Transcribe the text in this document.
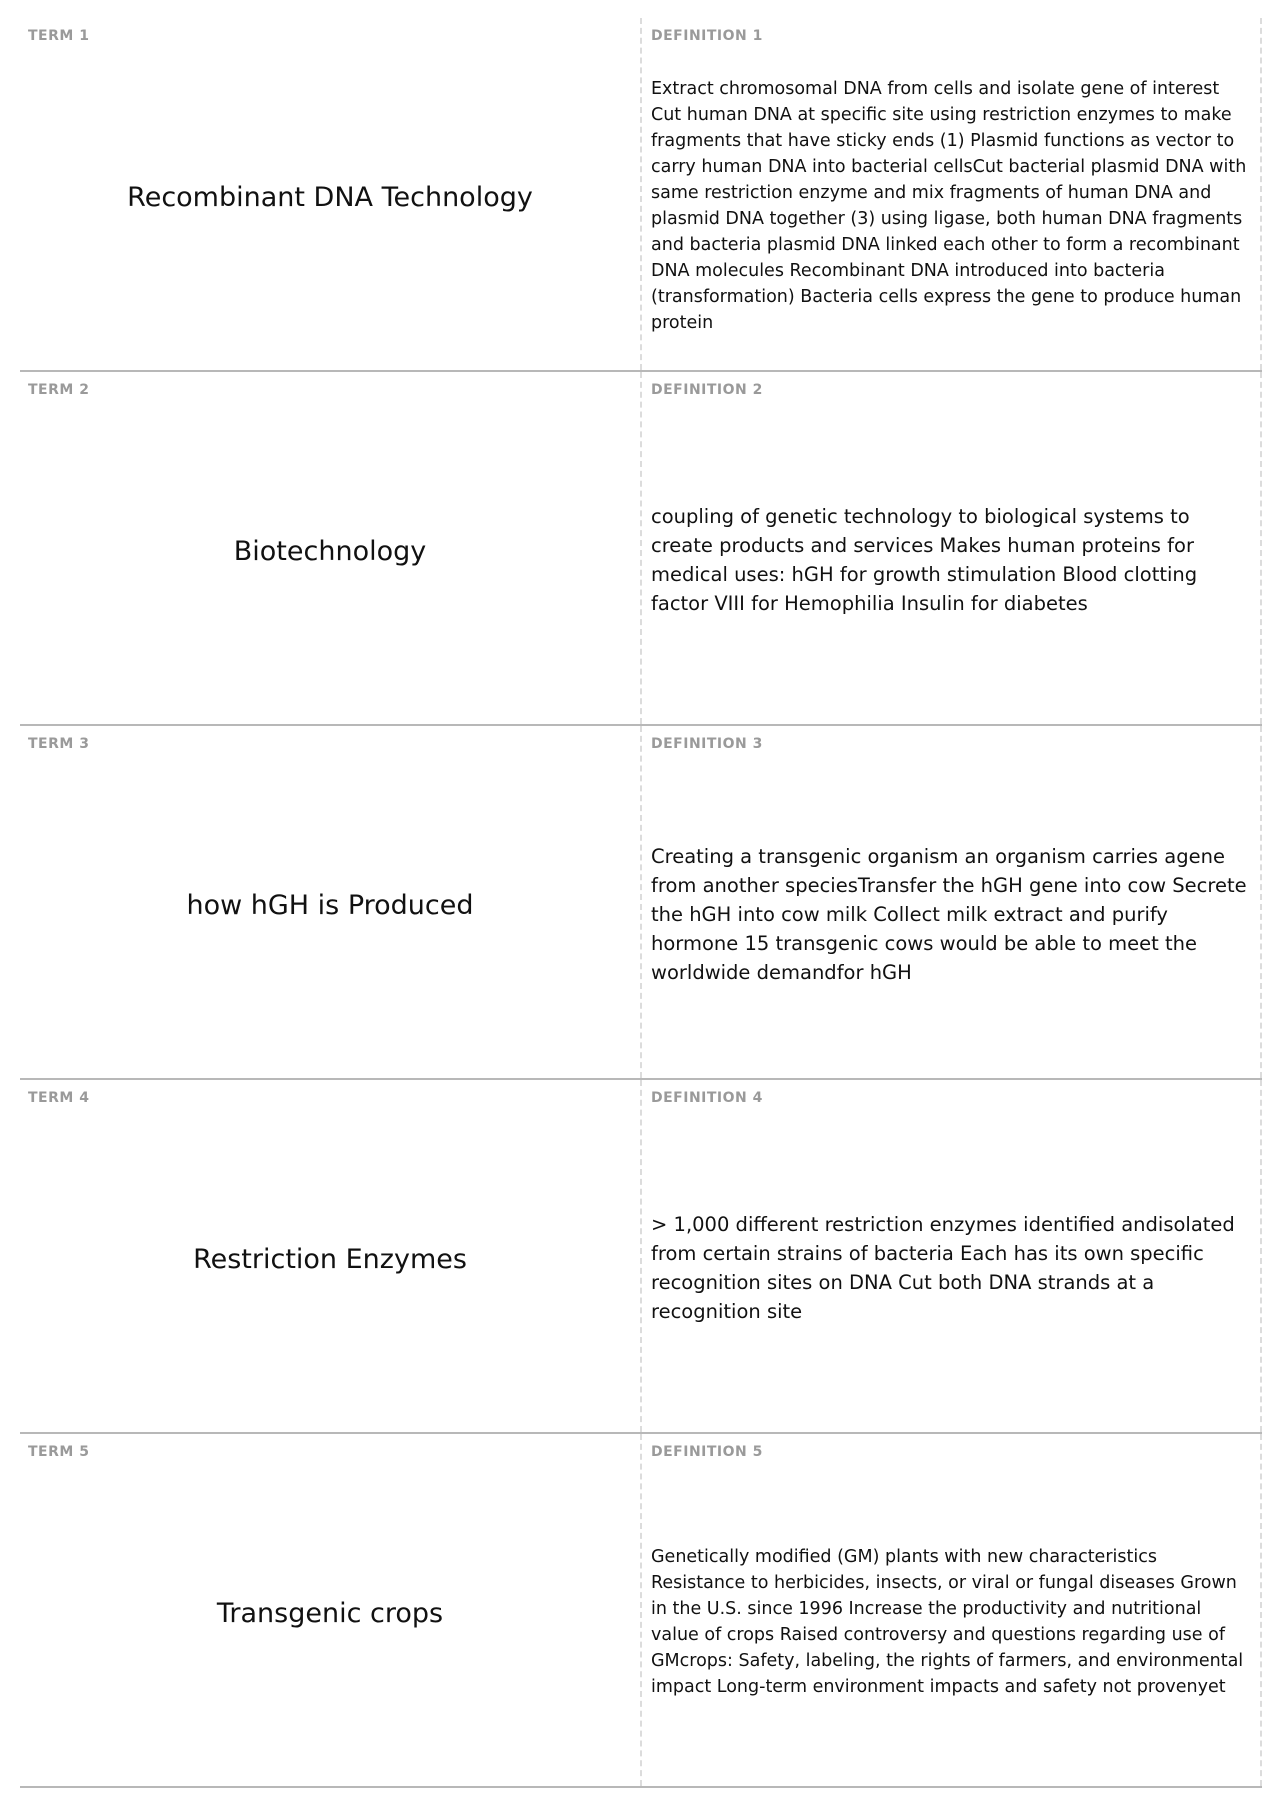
TERM 1
Recombinant DNA Technology
DEFINITION 1
Extract chromosomal DNA from cells and isolate gene of interest Cut human DNA at specific site using restriction enzymes to make fragments that have sticky ends (1) Plasmid functions as vector to carry human DNA into bacterial cellsCut bacterial plasmid DNA with same restriction enzyme and mix fragments of human DNA and plasmid DNA together (3) using ligase, both human DNA fragments and bacteria plasmid DNA linked each other to form a recombinant DNA molecules Recombinant DNA introduced into bacteria (transformation) Bacteria cells express the gene to produce human protein
TERM 2
Biotechnology
DEFINITION 2
coupling of genetic technology to biological systems to create products and services Makes human proteins for medical uses: hGH for growth stimulation Blood clotting factor VIII for Hemophilia Insulin for diabetes
TERM 3
how hGH is Produced
DEFINITION 3
Creating a transgenic organism an organism carries agene from another speciesTransfer the hGH gene into cow Secrete the hGH into cow milk Collect milk extract and purify hormone 15 transgenic cows would be able to meet the worldwide demandfor hGH
TERM 4
Restriction Enzymes
DEFINITION 4
> 1,000 different restriction enzymes identified andisolated from certain strains of bacteria Each has its own specific recognition sites on DNA Cut both DNA strands at a recognition site
TERM 5
Transgenic crops
DEFINITION 5
Genetically modified (GM) plants with new characteristics Resistance to herbicides, insects, or viral or fungal diseases Grown in the U.S. since 1996 Increase the productivity and nutritional value of crops Raised controversy and questions regarding use of GMcrops: Safety, labeling, the rights of farmers, and environmental impact Long-term environment impacts and safety not provenyet
